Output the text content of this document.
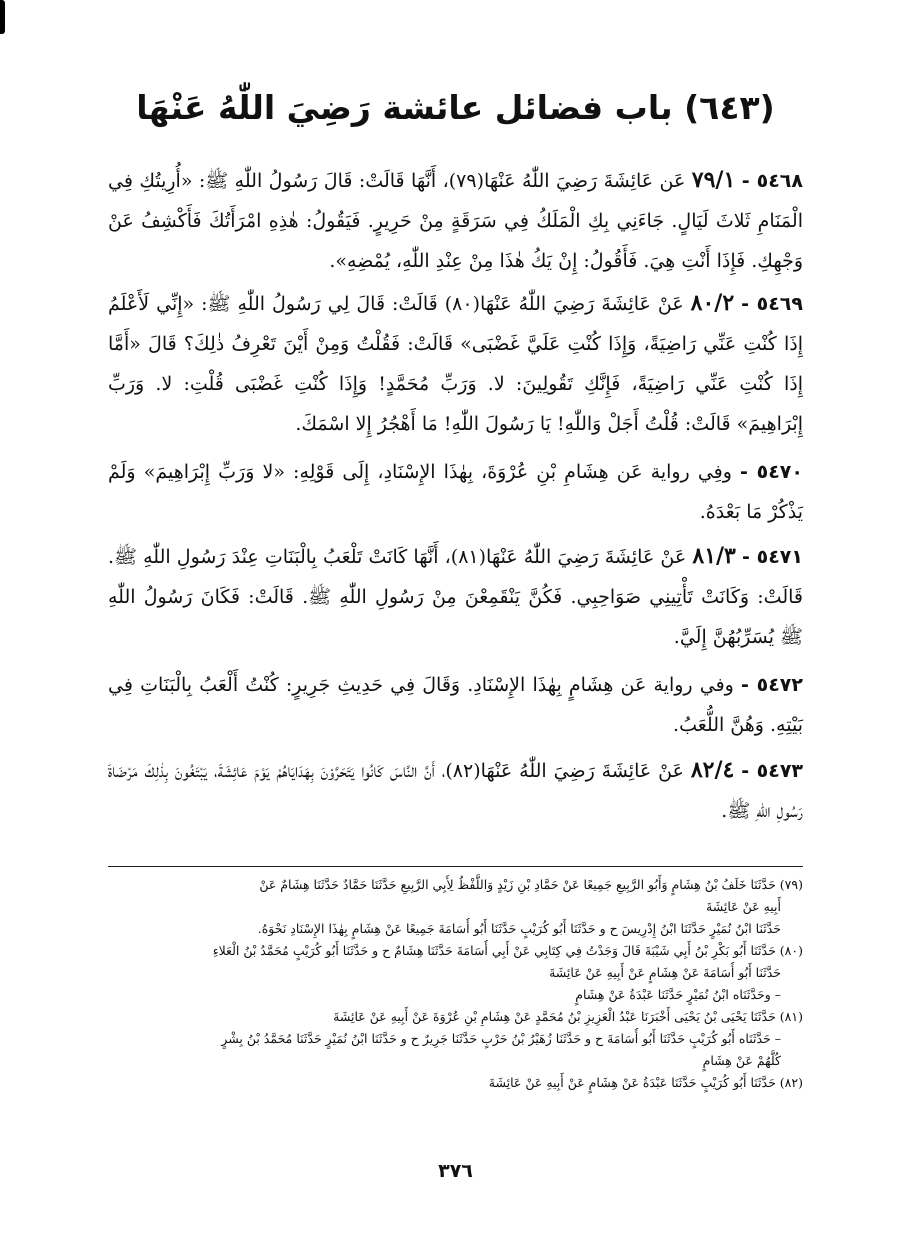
(٦٤٣) باب فضائل عائشة رَضِيَ اللّٰهُ عَنْهَا
٥٤٦٨ - ٧٩/١ عَن عَائِشَةَ رَضِيَ اللّٰهُ عَنْهَا(٧٩)، أَنَّهَا قَالَتْ: قَالَ رَسُولُ اللّٰهِ ﷺ: «أُرِيتُكِ فِي الْمَنَامِ ثَلاثَ لَيَالٍ. جَاءَنِي بِكِ الْمَلَكُ فِي سَرَقَةٍ مِنْ حَرِيرٍ. فَيَقُولُ: هٰذِهِ امْرَأَتُكَ فَأَكْشِفُ عَنْ وَجْهِكِ. فَإِذَا أَنْتِ هِيَ. فَأَقُولُ: إِنْ يَكُ هٰذَا مِنْ عِنْدِ اللّٰهِ، يُمْضِهِ».
٥٤٦٩ - ٨٠/٢ عَنْ عَائِشَةَ رَضِيَ اللّٰهُ عَنْهَا(٨٠) قَالَتْ: قَالَ لِي رَسُولُ اللّٰهِ ﷺ: «إِنِّي لَأَعْلَمُ إِذَا كُنْتِ عَنِّي رَاضِيَةً، وَإِذَا كُنْتِ عَلَيَّ غَضْبَى» قَالَتْ: فَقُلْتُ وَمِنْ أَيْنَ تَعْرِفُ ذٰلِكَ؟ قَالَ «أَمَّا إِذَا كُنْتِ عَنِّي رَاضِيَةً، فَإِنَّكِ تَقُولِينَ: لا. وَرَبِّ مُحَمَّدٍ! وَإِذَا كُنْتِ غَضْبَى قُلْتِ: لا. وَرَبِّ إِبْرَاهِيمَ» قَالَتْ: قُلْتُ أَجَلْ وَاللّٰهِ! يَا رَسُولَ اللّٰهِ! مَا أَهْجُرُ إِلا اسْمَكَ.
٥٤٧٠ - وفِي رواية عَن هِشَامِ بْنِ عُرْوَةَ، بِهٰذَا الإِسْنَادِ، إِلَى قَوْلِهِ: «لا وَرَبِّ إِبْرَاهِيمَ» وَلَمْ يَذْكُرْ مَا بَعْدَهُ.
٥٤٧١ - ٨١/٣ عَنْ عَائِشَةَ رَضِيَ اللّٰهُ عَنْهَا(٨١)، أَنَّهَا كَانَتْ تَلْعَبُ بِالْبَنَاتِ عِنْدَ رَسُولِ اللّٰهِ ﷺ. قَالَتْ: وَكَانَتْ تَأْتِينِي صَوَاحِبِي. فَكُنَّ يَنْقَمِعْنَ مِنْ رَسُولِ اللّٰهِ ﷺ. قَالَتْ: فَكَانَ رَسُولُ اللّٰهِ ﷺ يُسَرِّبُهُنَّ إِلَيَّ.
٥٤٧٢ - وفي رواية عَن هِشَامٍ بِهٰذَا الإِسْنَادِ. وَقَالَ فِي حَدِيثِ جَرِيرٍ: كُنْتُ أَلْعَبُ بِالْبَنَاتِ فِي بَيْتِهِ. وَهُنَّ اللُّعَبُ.
٥٤٧٣ - ٨٢/٤ عَنْ عَائِشَةَ رَضِيَ اللّٰهُ عَنْهَا(٨٢)، أَنَّ النَّاسَ كَانُوا يَتَحَرَّوْنَ بِهَدَايَاهُمْ يَوْمَ عَائِشَةَ، يَبْتَغُونَ بِذٰلِكَ مَرْضَاةَ رَسُولِ اللّٰهِ ﷺ.

(٧٩) حَدَّثَنَا خَلَفُ بْنُ هِشَامٍ وَأَبُو الرَّبِيعِ جَمِيعًا عَنْ حَمَّادِ بْنِ زَيْدٍ وَاللَّفْظُ لِأَبِي الرَّبِيعِ حَدَّثَنَا حَمَّادٌ حَدَّثَنَا هِشَامٌ عَنْ

أَبِيهِ عَنْ عَائِشَةَ

حَدَّثَنَا ابْنُ نُمَيْرٍ حَدَّثَنَا ابْنُ إِدْرِيسَ ح و حَدَّثَنَا أَبُو كُرَيْبٍ حَدَّثَنَا أَبُو أُسَامَةَ جَمِيعًا عَنْ هِشَامٍ بِهٰذَا الإِسْنَادِ نَحْوَهُ.

(٨٠) حَدَّثَنَا أَبُو بَكْرِ بْنُ أَبِي شَيْبَةَ قَالَ وَجَدْتُ فِي كِتَابِي عَنْ أَبِي أُسَامَةَ حَدَّثَنَا هِشَامٌ ح و حَدَّثَنَا أَبُو كُرَيْبٍ مُحَمَّدُ بْنُ الْعَلاءِ

حَدَّثَنَا أَبُو أُسَامَةَ عَنْ هِشَامٍ عَنْ أَبِيهِ عَنْ عَائِشَةَ

– وحَدَّثَنَاه ابْنُ نُمَيْرٍ حَدَّثَنَا عَبْدَةُ عَنْ هِشَامٍ

(٨١) حَدَّثَنَا يَحْيَى بْنُ يَحْيَى أَخْبَرَنَا عَبْدُ الْعَزِيزِ بْنُ مُحَمَّدٍ عَنْ هِشَامِ بْنِ عُرْوَةَ عَنْ أَبِيهِ عَنْ عَائِشَةَ

– حَدَّثَنَاه أَبُو كُرَيْبٍ حَدَّثَنَا أَبُو أُسَامَةَ ح و حَدَّثَنَا زُهَيْرُ بْنُ حَرْبٍ حَدَّثَنَا جَرِيرٌ ح و حَدَّثَنَا ابْنُ نُمَيْرٍ حَدَّثَنَا مُحَمَّدُ بْنُ بِشْرٍ

كُلُّهُمْ عَنْ هِشَامٍ

(٨٢) حَدَّثَنَا أَبُو كُرَيْبٍ حَدَّثَنَا عَبْدَةُ عَنْ هِشَامٍ عَنْ أَبِيهِ عَنْ عَائِشَةَ

٣٧٦
